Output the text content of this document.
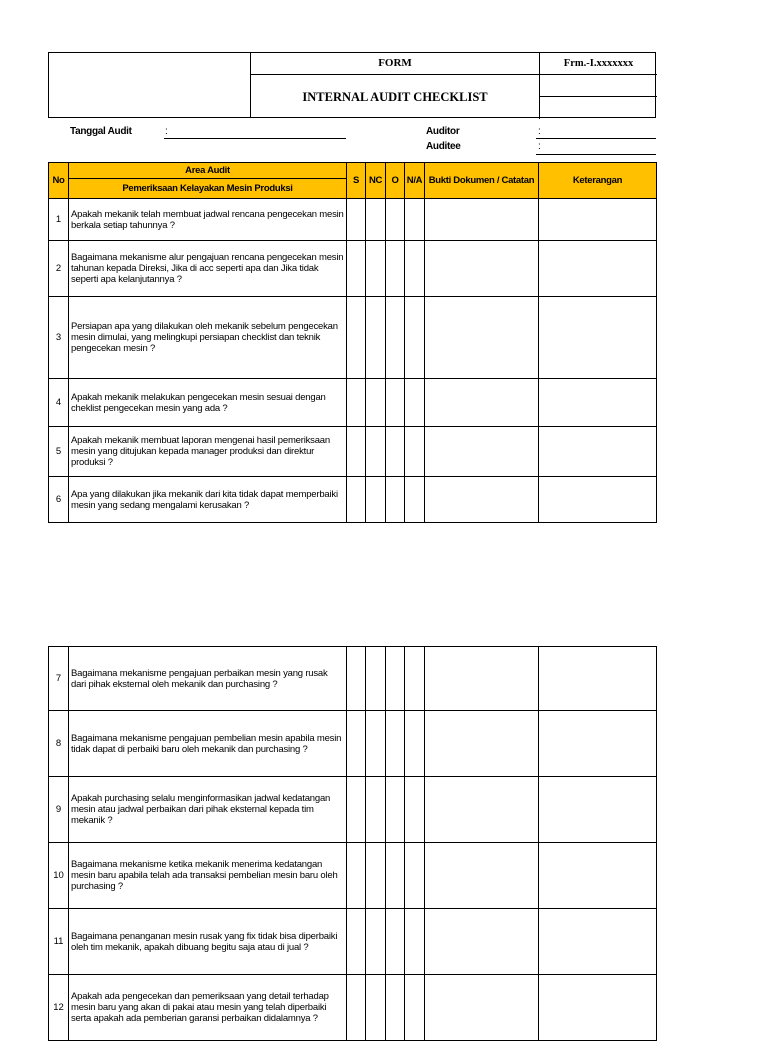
FORM
INTERNAL AUDIT CHECKLIST
Frm.-I.xxxxxxx
Tanggal Audit	:	Auditor	:
Auditee	:
No	Area Audit	S	NC	O	N/A	Bukti Dokumen / Catatan	Keterangan
	Pemeriksaan Kelayakan Mesin Produksi						
1	Apakah mekanik telah membuat jadwal rencana pengecekan mesin berkala setiap tahunnya ?						
2	Bagaimana mekanisme alur pengajuan rencana pengecekan mesin tahunan kepada Direksi, Jika di acc seperti apa dan Jika tidak seperti apa kelanjutannya ?						
3	Persiapan apa yang dilakukan oleh mekanik sebelum pengecekan mesin dimulai, yang melingkupi persiapan checklist dan teknik pengecekan mesin ?						
4	Apakah mekanik melakukan pengecekan mesin sesuai dengan cheklist pengecekan mesin yang ada ?						
5	Apakah mekanik membuat laporan mengenai hasil pemeriksaan mesin yang ditujukan kepada manager produksi dan direktur produksi ?						
6	Apa yang dilakukan jika mekanik dari kita tidak dapat memperbaiki mesin yang sedang mengalami kerusakan ?						
7	Bagaimana mekanisme pengajuan perbaikan mesin yang rusak dari pihak eksternal oleh mekanik dan purchasing ?						
8	Bagaimana mekanisme pengajuan pembelian mesin apabila mesin tidak dapat di perbaiki baru oleh mekanik dan purchasing ?						
9	Apakah purchasing selalu menginformasikan jadwal kedatangan mesin atau jadwal perbaikan dari pihak eksternal kepada tim mekanik ?						
10	Bagaimana mekanisme ketika mekanik menerima kedatangan mesin baru apabila telah ada transaksi pembelian mesin baru oleh purchasing ?						
11	Bagaimana penanganan mesin rusak yang fix tidak bisa diperbaiki oleh tim mekanik, apakah dibuang begitu saja atau di jual ?						
12	Apakah ada pengecekan dan pemeriksaan yang detail terhadap mesin baru yang akan di pakai atau mesin yang telah diperbaiki serta apakah ada pemberian garansi perbaikan didalamnya ?						
